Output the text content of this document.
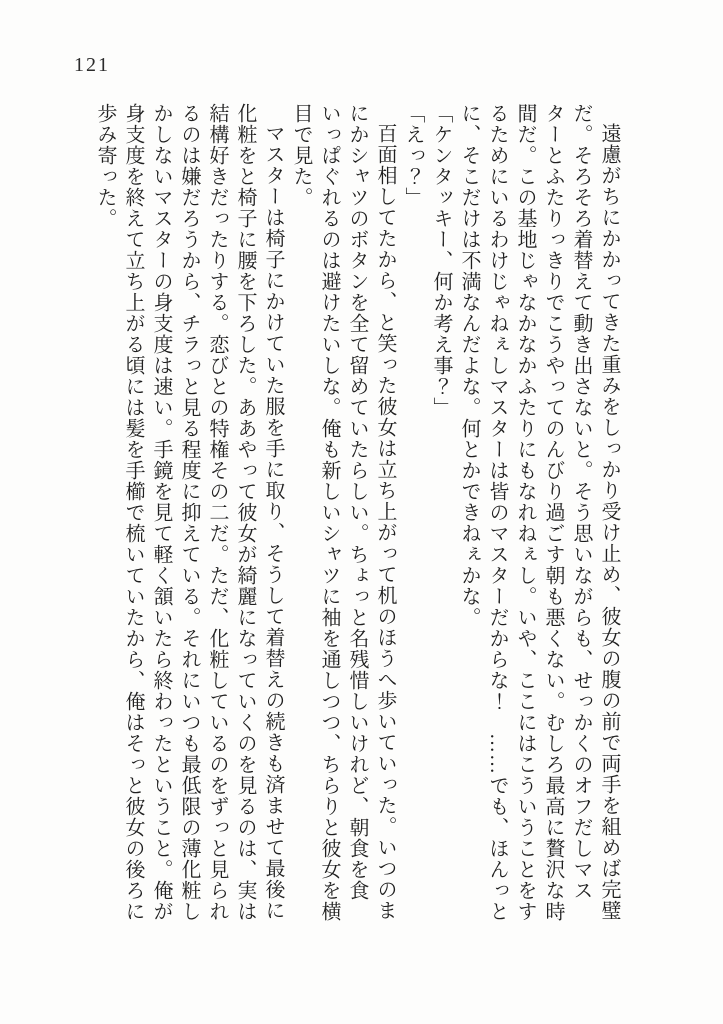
121

遠慮がちにかかってきた重みをしっかり受け止め、彼女の腹の前で両手を組めば完璧だ。そろそろ着替えて動き出さないと。そう思いながらも、せっかくのオフだしマスターとふたりっきりでこうやってのんびり過ごす朝も悪くない。むしろ最高に贅沢な時間だ。この基地じゃなかなかふたりにもなれねぇし。いや、ここにはこういうことをするためにいるわけじゃねぇしマスターは皆のマスターだからな！　……でも、ほんっとに、そこだけは不満なんだよな。何とかできねぇかな。

「ケンタッキー、何か考え事？」

「えっ？」

百面相してたから、と笑った彼女は立ち上がって机のほうへ歩いていった。いつのまにかシャツのボタンを全て留めていたらしい。ちょっと名残惜しいけれど、朝食を食いっぱぐれるのは避けたいしな。俺も新しいシャツに袖を通しつつ、ちらりと彼女を横目で見た。

マスターは椅子にかけていた服を手に取り、そうして着替えの続きも済ませて最後に化粧をと椅子に腰を下ろした。ああやって彼女が綺麗になっていくのを見るのは、実は結構好きだったりする。恋びとの特権その二だ。ただ、化粧しているのをずっと見られるのは嫌だろうから、チラっと見る程度に抑えている。それにいつも最低限の薄化粧しかしないマスターの身支度は速い。手鏡を見て軽く頷いたら終わったということ。俺が身支度を終えて立ち上がる頃には髪を手櫛で梳いていたから、俺はそっと彼女の後ろに歩み寄った。
